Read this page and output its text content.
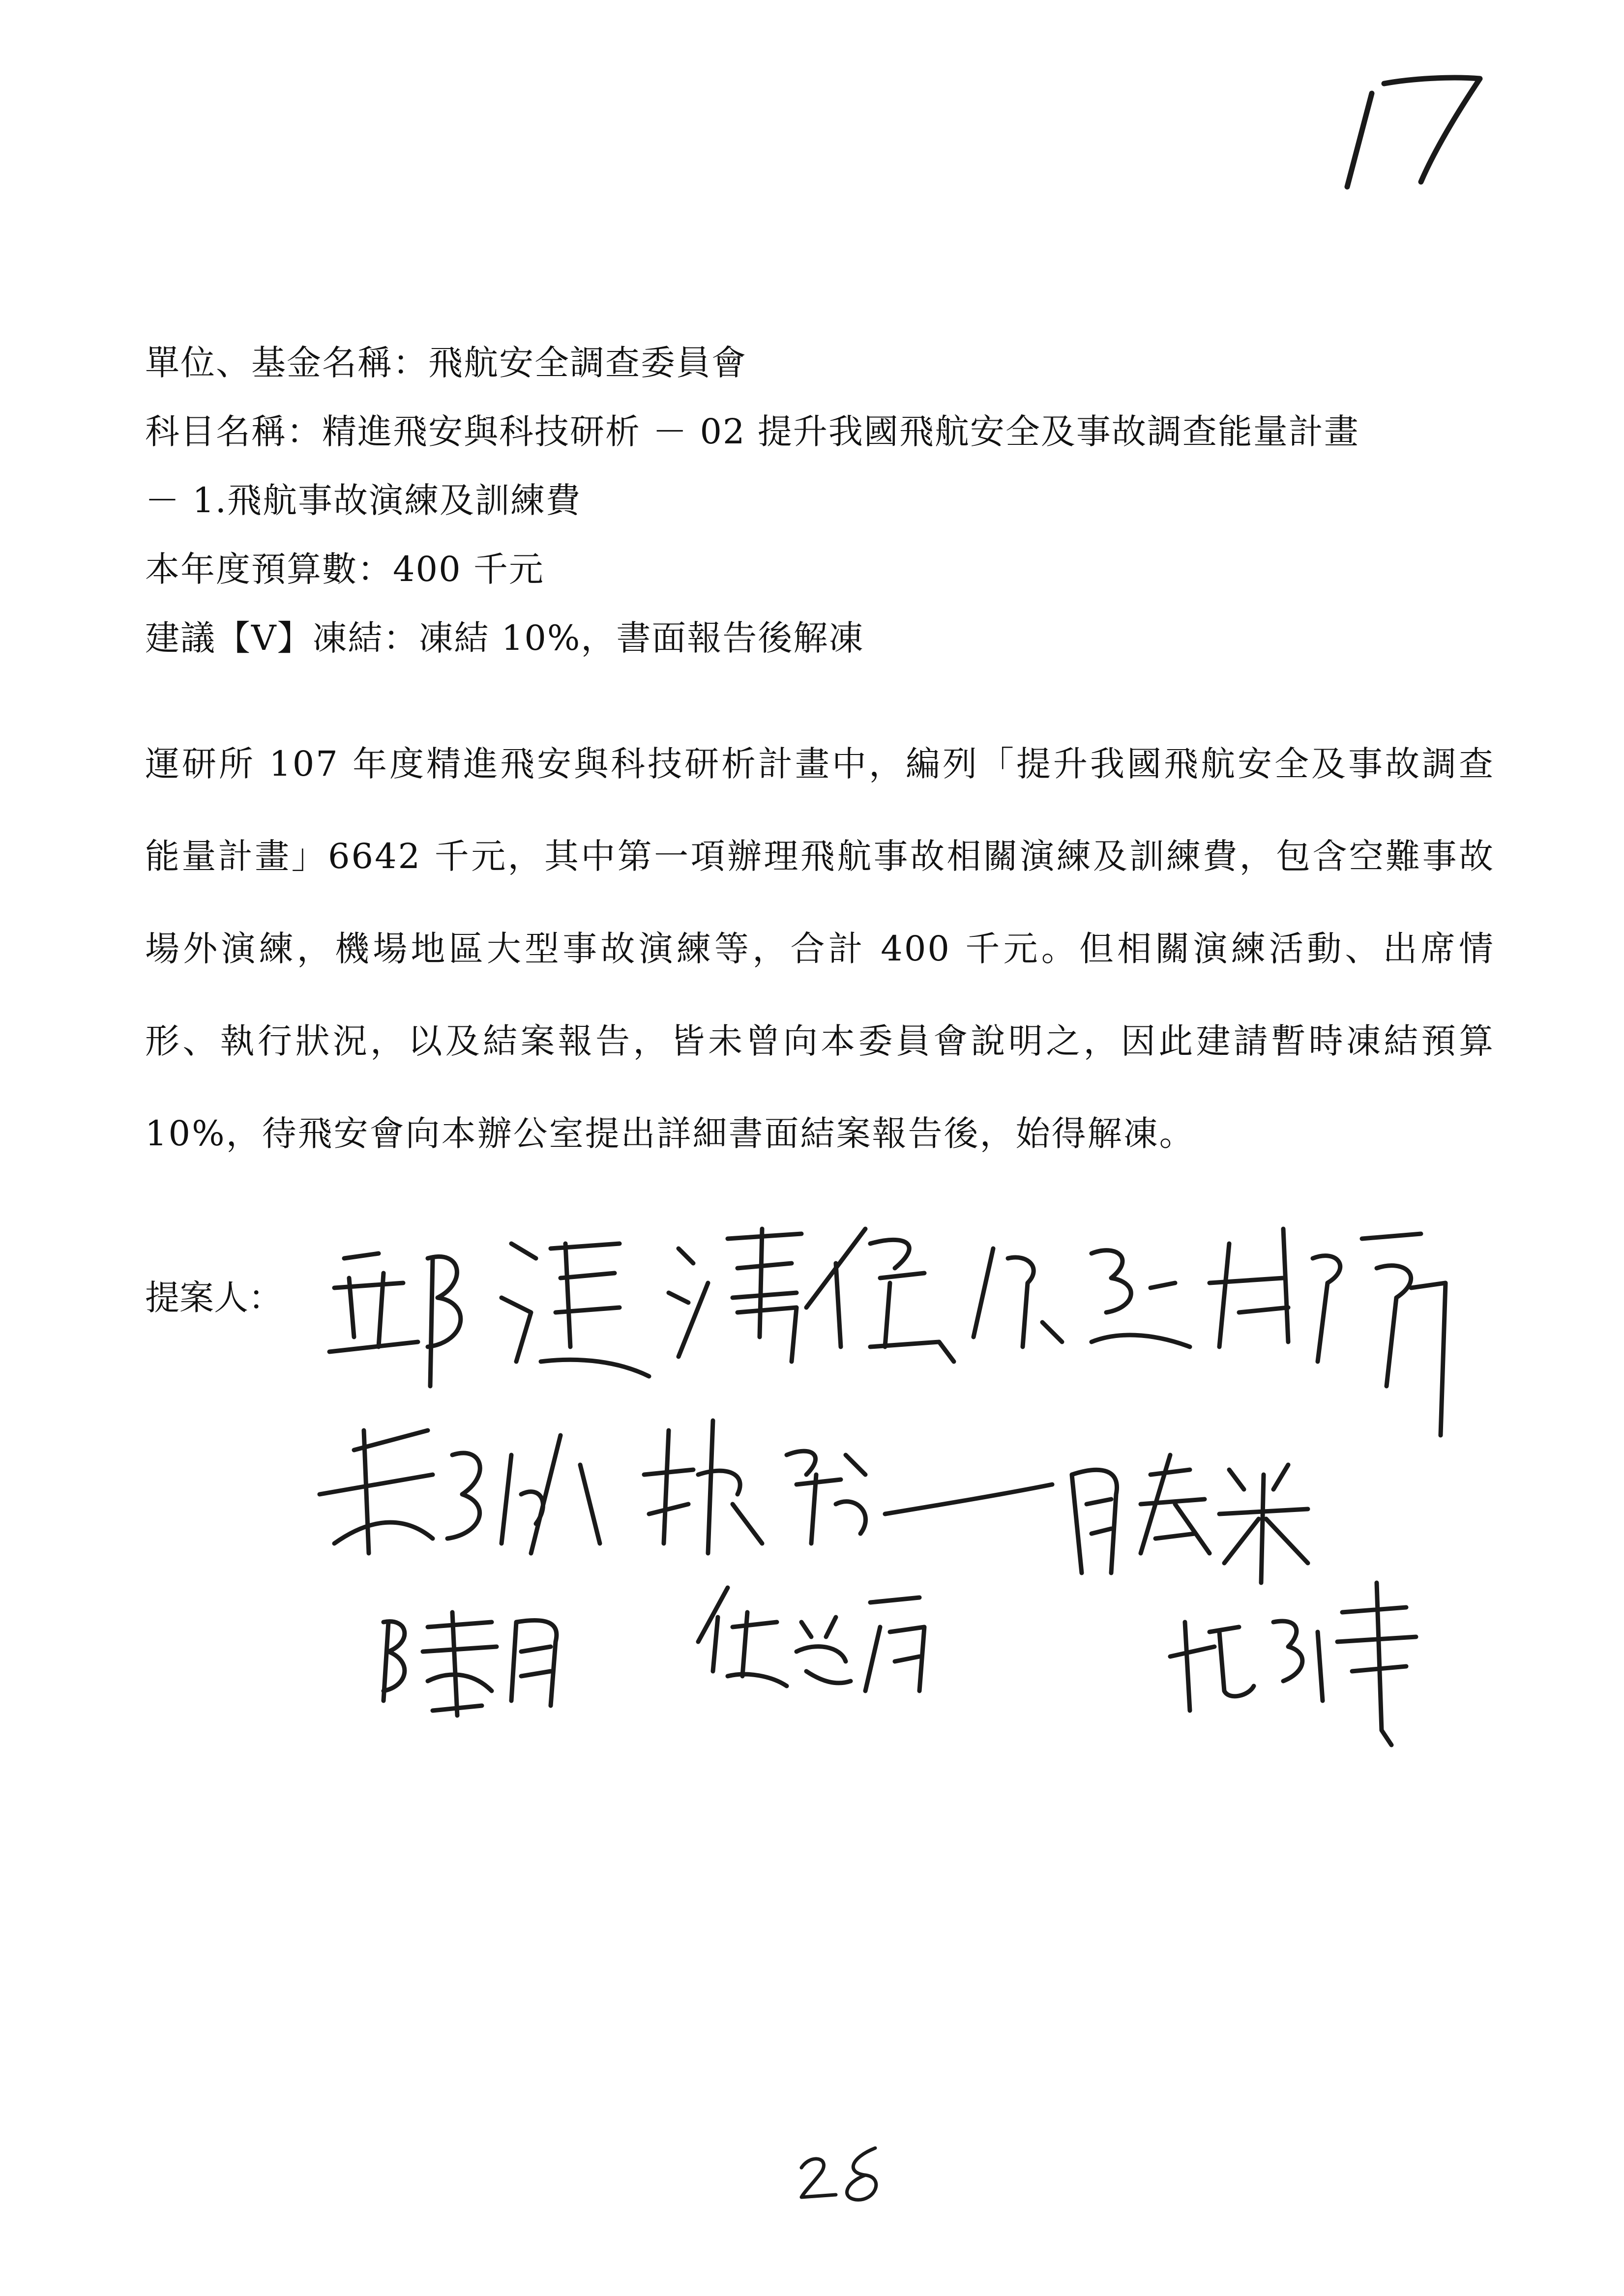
單位、基金名稱：飛航安全調查委員會
科目名稱：精進飛安與科技研析 － 02 提升我國飛航安全及事故調查能量計畫
－ 1.飛航事故演練及訓練費
本年度預算數：400 千元
建議【V】凍結：凍結 10%，書面報告後解凍
運研所 107 年度精進飛安與科技研析計畫中，編列「提升我國飛航安全及事故調查能量計畫」6642 千元，其中第一項辦理飛航事故相關演練及訓練費，包含空難事故場外演練，機場地區大型事故演練等，合計 400 千元。但相關演練活動、出席情形、執行狀況，以及結案報告，皆未曾向本委員會說明之，因此建請暫時凍結預算 10%，待飛安會向本辦公室提出詳細書面結案報告後，始得解凍。
提案人：
